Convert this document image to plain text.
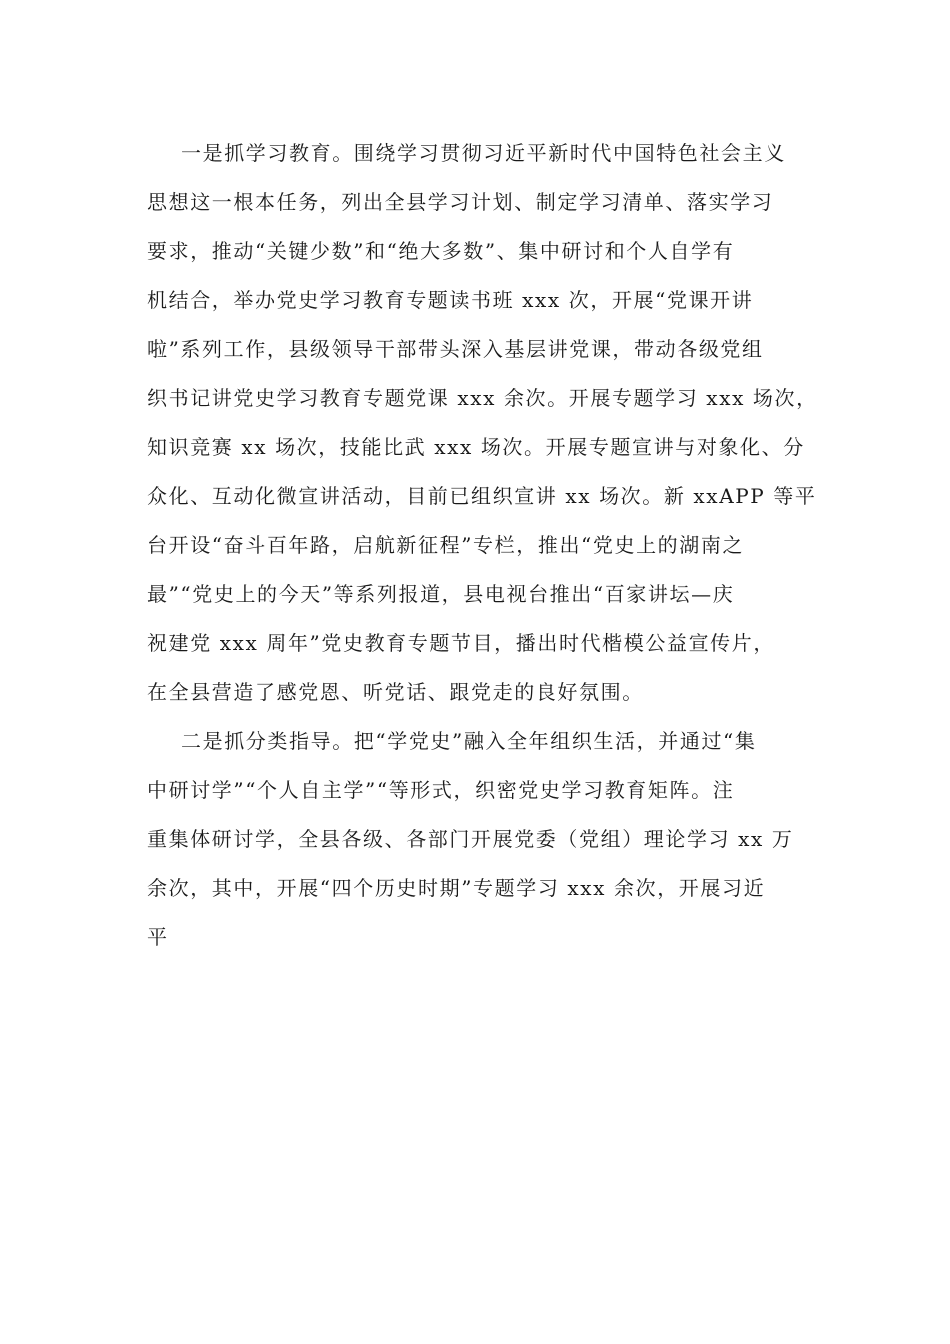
一是抓学习教育。围绕学习贯彻习近平新时代中国特色社会主义
思想这一根本任务，列出全县学习计划、制定学习清单、落实学习
要求，推动“关键少数”和“绝大多数”、集中研讨和个人自学有
机结合，举办党史学习教育专题读书班 xxx 次，开展“党课开讲
啦”系列工作，县级领导干部带头深入基层讲党课，带动各级党组
织书记讲党史学习教育专题党课 xxx 余次。开展专题学习 xxx 场次，
知识竞赛 xx 场次，技能比武 xxx 场次。开展专题宣讲与对象化、分
众化、互动化微宣讲活动，目前已组织宣讲 xx 场次。新 xxAPP 等平
台开设“奋斗百年路，启航新征程”专栏，推出“党史上的湖南之
最”“党史上的今天”等系列报道，县电视台推出“百家讲坛—庆
祝建党 xxx 周年”党史教育专题节目，播出时代楷模公益宣传片，
在全县营造了感党恩、听党话、跟党走的良好氛围。
二是抓分类指导。把“学党史”融入全年组织生活，并通过“集
中研讨学”“个人自主学”“等形式，织密党史学习教育矩阵。注
重集体研讨学，全县各级、各部门开展党委（党组）理论学习 xx 万
余次，其中，开展“四个历史时期”专题学习 xxx 余次，开展习近
平
